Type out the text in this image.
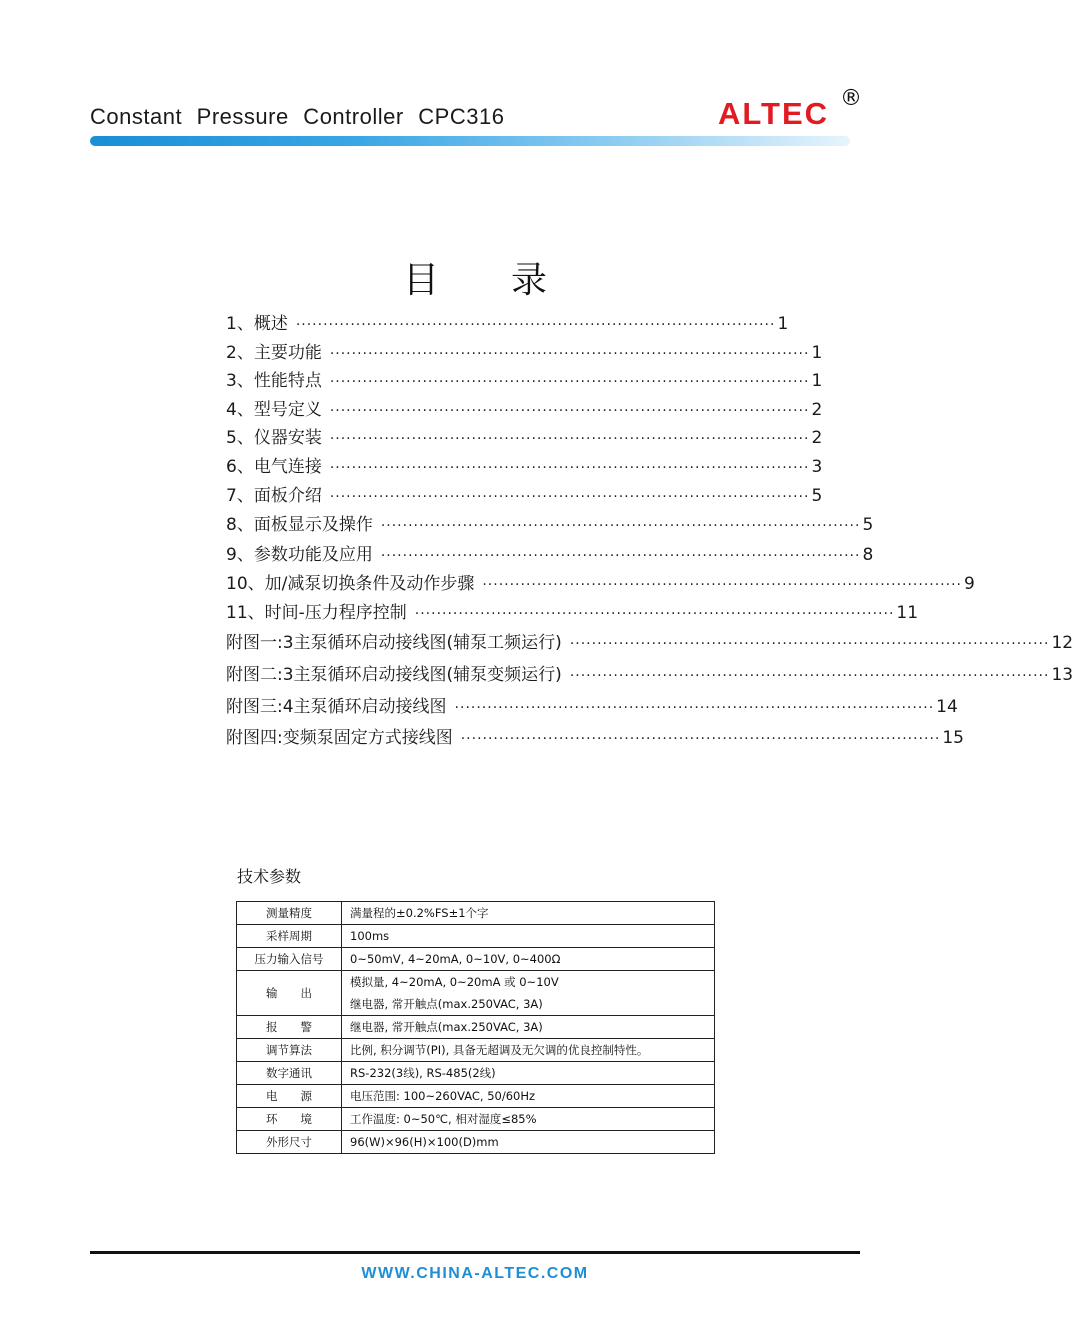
Constant Pressure Controller CPC316	ALTEC ®
目录
1、概述 ························································································ 1
2、主要功能 ························································································ 1
3、性能特点 ························································································ 1
4、型号定义 ························································································ 2
5、仪器安装 ························································································ 2
6、电气连接 ························································································ 3
7、面板介绍 ························································································ 5
8、面板显示及操作 ························································································ 5
9、参数功能及应用 ························································································ 8
10、加/减泵切换条件及动作步骤 ························································································ 9
11、时间-压力程序控制 ························································································ 11
附图一:3主泵循环启动接线图(辅泵工频运行) ························································································ 12
附图二:3主泵循环启动接线图(辅泵变频运行) ························································································ 13
附图三:4主泵循环启动接线图 ························································································ 14
附图四:变频泵固定方式接线图 ························································································ 15
技术参数
测量精度	满量程的±0.2%FS±1个字
采样周期	100ms
压力输入信号	0~50mV, 4~20mA, 0~10V, 0~400Ω
输　　出	模拟量, 4~20mA, 0~20mA 或 0~10V
继电器, 常开触点(max.250VAC, 3A)

报　　警	继电器, 常开触点(max.250VAC, 3A)
调节算法	比例, 积分调节(PI), 具备无超调及无欠调的优良控制特性。
数字通讯	RS-232(3线), RS-485(2线)
电　　源	电压范围: 100~260VAC, 50/60Hz
环　　境	工作温度: 0~50℃, 相对湿度≤85%
外形尺寸	96(W)×96(H)×100(D)mm
WWW.CHINA-ALTEC.COM
